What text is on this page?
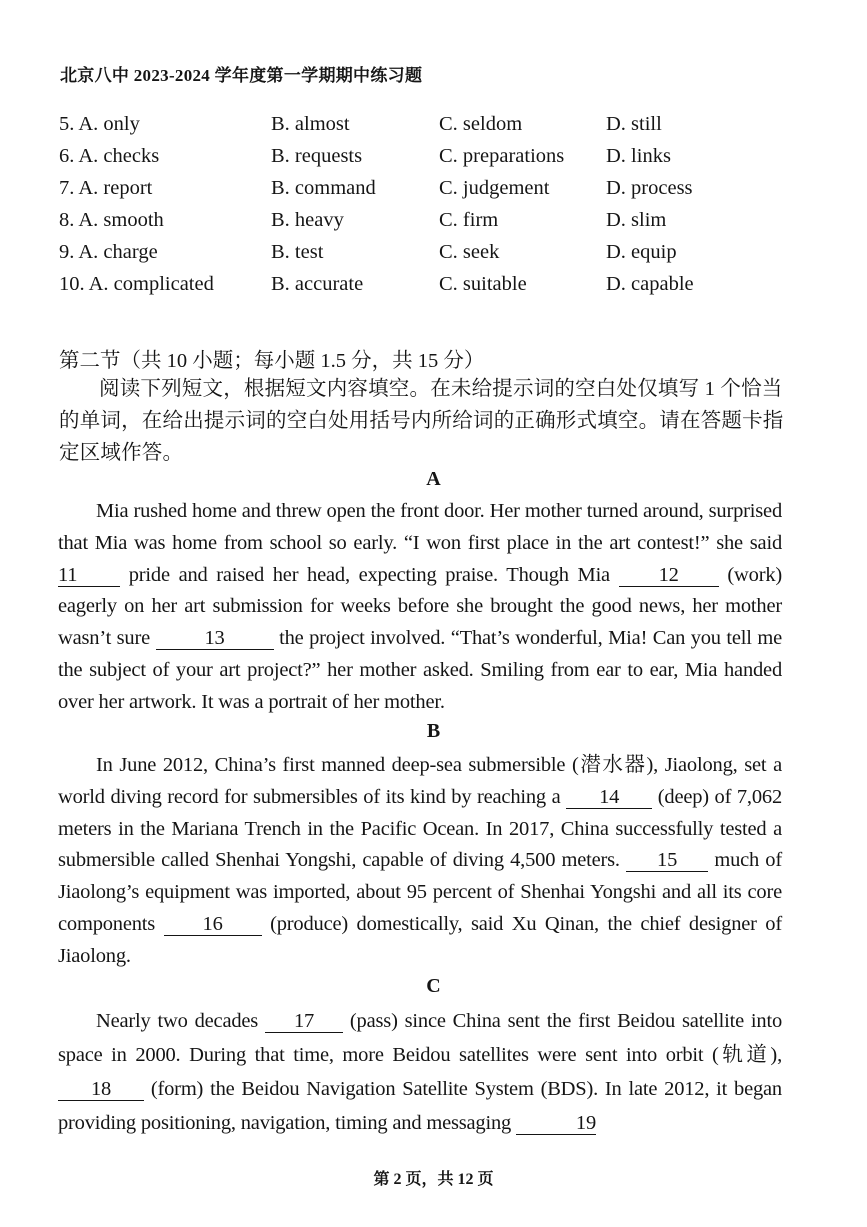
北京八中 2023-2024 学年度第一学期期中练习题
5. A. only	B. almost	C. seldom	D. still
6. A. checks	B. requests	C. preparations D. links
7. A. report	B. command	C. judgement	D. process
8. A. smooth	B. heavy	C. firm	D. slim
9. A. charge	B. test	C. seek	D. equip
10. A. complicated	B. accurate	C. suitable	D. capable
第二节（共 10 小题；每小题 1.5 分，共 15 分）
阅读下列短文，根据短文内容填空。在未给提示词的空白处仅填写 1 个恰当的单词，在给出提示词的空白处用括号内所给词的正确形式填空。请在答题卡指定区域作答。
A
Mia rushed home and threw open the front door. Her mother turned around, surprised that Mia was home from school so early. “I won first place in the art contest!” she said 11 pride and raised her head, expecting praise. Though Mia 12 (work) eagerly on her art submission for weeks before she brought the good news, her mother wasn’t sure 13 the project involved. “That’s wonderful, Mia! Can you tell me the subject of your art project?” her mother asked. Smiling from ear to ear, Mia handed over her artwork. It was a portrait of her mother.
B
In June 2012, China’s first manned deep-sea submersible (潜水器), Jiaolong, set a world diving record for submersibles of its kind by reaching a 14 (deep) of 7,062 meters in the Mariana Trench in the Pacific Ocean. In 2017, China successfully tested a submersible called Shenhai Yongshi, capable of diving 4,500 meters. 15 much of Jiaolong’s equipment was imported, about 95 percent of Shenhai Yongshi and all its core components 16 (produce) domestically, said Xu Qinan, the chief designer of Jiaolong.
C
Nearly two decades 17 (pass) since China sent the first Beidou satellite into space in 2000. During that time, more Beidou satellites were sent into orbit (轨道), 18 (form) the Beidou Navigation Satellite System (BDS). In late 2012, it began providing positioning, navigation, timing and messaging	19
第 2 页，共 12 页
